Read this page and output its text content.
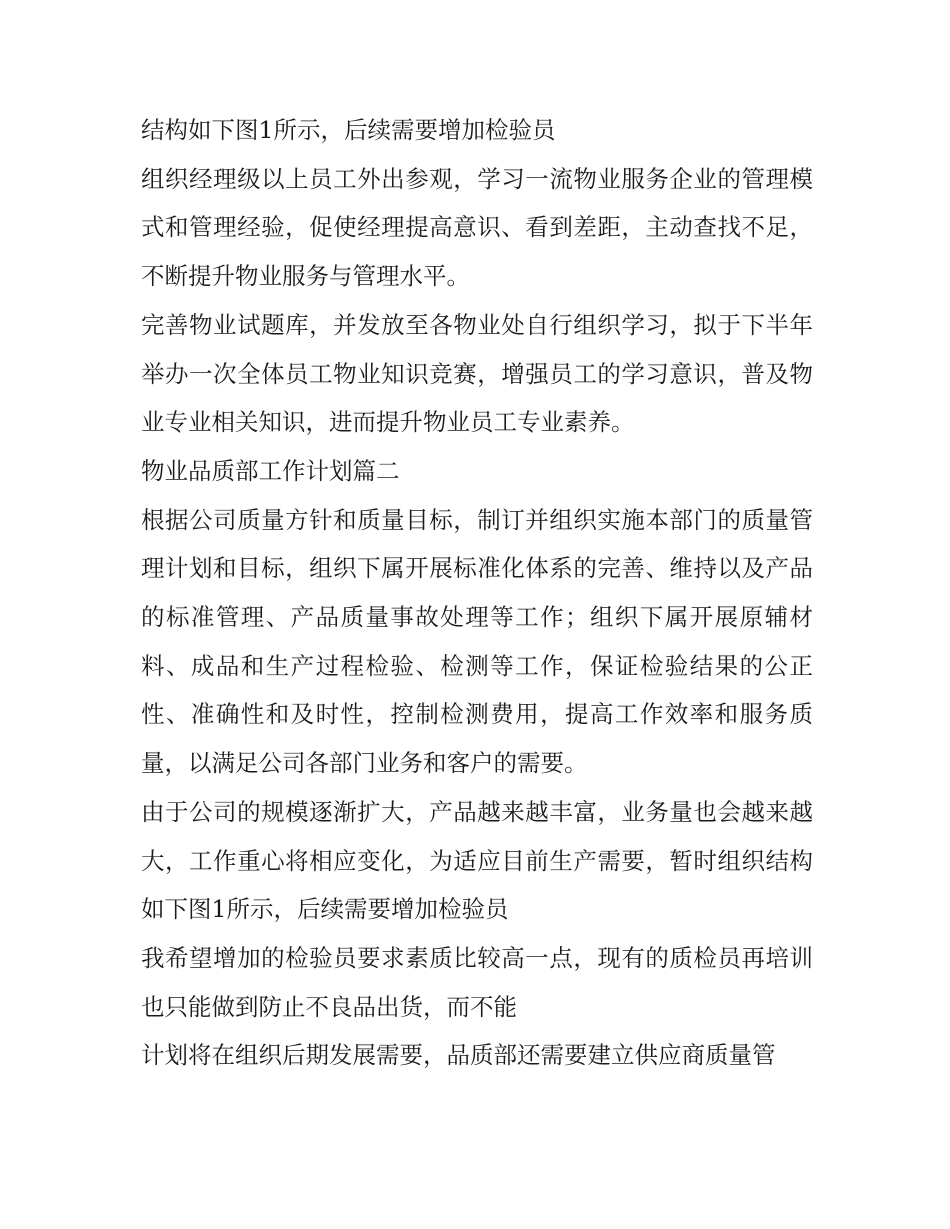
结构如下图1所示，后续需要增加检验员

组织经理级以上员工外出参观，学习一流物业服务企业的管理模式和管理经验，促使经理提高意识、看到差距，主动查找不足，不断提升物业服务与管理水平。

完善物业试题库，并发放至各物业处自行组织学习，拟于下半年举办一次全体员工物业知识竞赛，增强员工的学习意识，普及物业专业相关知识，进而提升物业员工专业素养。

物业品质部工作计划篇二

根据公司质量方针和质量目标，制订并组织实施本部门的质量管理计划和目标，组织下属开展标准化体系的完善、维持以及产品的标准管理、产品质量事故处理等工作；组织下属开展原辅材料、成品和生产过程检验、检测等工作，保证检验结果的公正性、准确性和及时性，控制检测费用，提高工作效率和服务质量，以满足公司各部门业务和客户的需要。

由于公司的规模逐渐扩大，产品越来越丰富，业务量也会越来越大，工作重心将相应变化，为适应目前生产需要，暂时组织结构如下图1所示，后续需要增加检验员

我希望增加的检验员要求素质比较高一点，现有的质检员再培训也只能做到防止不良品出货，而不能

计划将在组织后期发展需要，品质部还需要建立供应商质量管
